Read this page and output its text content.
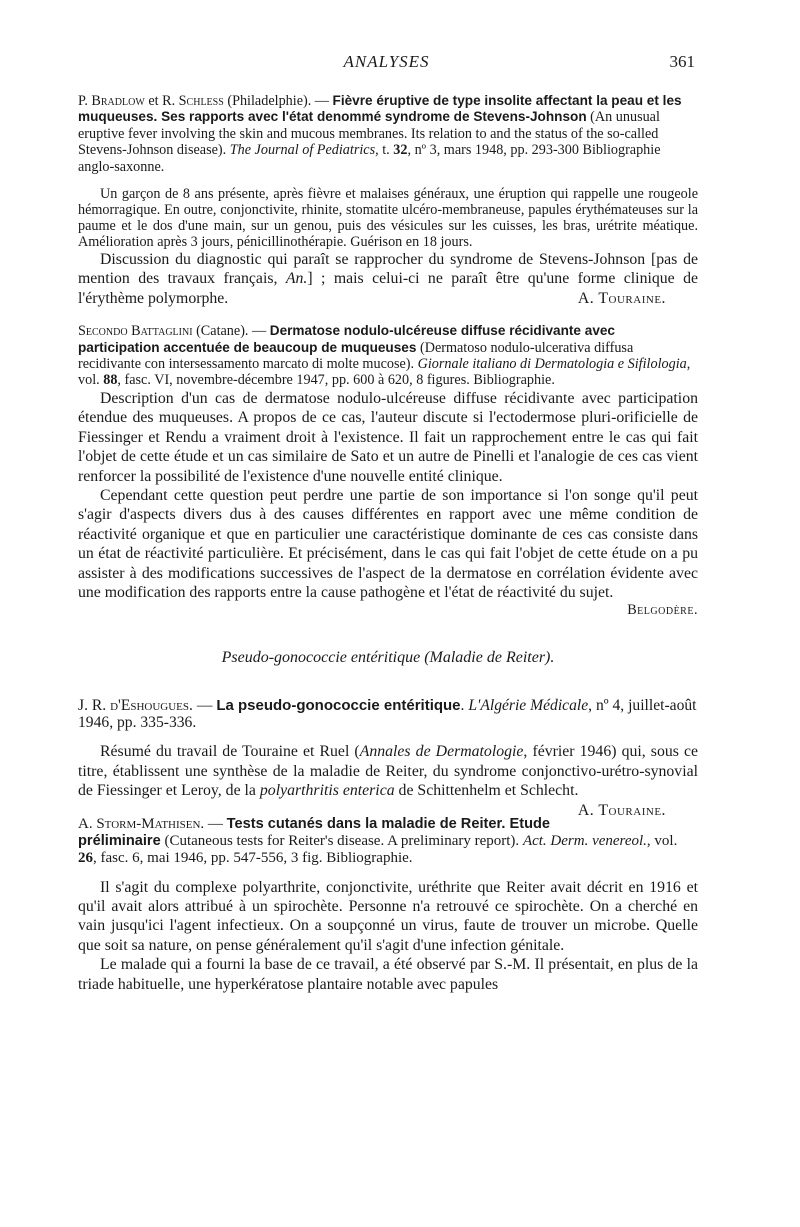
ANALYSES	361

P. Bradlow et R. Schless (Philadelphie). — Fièvre éruptive de type insolite affectant la peau et les muqueuses. Ses rapports avec l'état denommé syndrome de Stevens-Johnson (An unusual eruptive fever involving the skin and mucous membranes. Its relation to and the status of the so-called Stevens-Johnson disease). The Journal of Pediatrics, t. 32, nº 3, mars 1948, pp. 293-300 Bibliographie anglo-saxonne.

Un garçon de 8 ans présente, après fièvre et malaises généraux, une éruption qui rappelle une rougeole hémorragique. En outre, conjonctivite, rhinite, stomatite ulcéro-membraneuse, papules érythémateuses sur la paume et le dos d'une main, sur un genou, puis des vésicules sur les cuisses, les bras, urétrite méatique. Amélioration après 3 jours, pénicillinothérapie. Guérison en 18 jours.

Discussion du diagnostic qui paraît se rapprocher du syndrome de Stevens-Johnson [pas de mention des travaux français, An.] ; mais celui-ci ne paraît être qu'une forme clinique de l'érythème polymorphe.	A. Touraine.

Secondo Battaglini (Catane). — Dermatose nodulo-ulcéreuse diffuse récidivante avec participation accentuée de beaucoup de muqueuses (Dermatoso nodulo-ulcerativa diffusa recidivante con intersessamento marcato di molte mucose). Giornale italiano di Dermatologia e Sifilologia, vol. 88, fasc. VI, novembre-décembre 1947, pp. 600 à 620, 8 figures. Bibliographie.

Description d'un cas de dermatose nodulo-ulcéreuse diffuse récidivante avec participation étendue des muqueuses. A propos de ce cas, l'auteur discute si l'ectodermose pluri-orificielle de Fiessinger et Rendu a vraiment droit à l'existence. Il fait un rapprochement entre le cas qui fait l'objet de cette étude et un cas similaire de Sato et un autre de Pinelli et l'analogie de ces cas vient renforcer la possibilité de l'existence d'une nouvelle entité clinique.

Cependant cette question peut perdre une partie de son importance si l'on songe qu'il peut s'agir d'aspects divers dus à des causes différentes en rapport avec une même condition de réactivité organique et que en particulier une caractéristique dominante de ces cas consiste dans un état de réactivité particulière. Et précisément, dans le cas qui fait l'objet de cette étude on a pu assister à des modifications successives de l'aspect de la dermatose en corrélation évidente avec une modification des rapports entre la cause pathogène et l'état de réactivité du sujet.

Belgodère.

Pseudo-gonococcie entéritique (Maladie de Reiter).

J. R. d'Eshougues. — La pseudo-gonococcie entéritique. L'Algérie Médicale, nº 4, juillet-août 1946, pp. 335-336.

Résumé du travail de Touraine et Ruel (Annales de Dermatologie, février 1946) qui, sous ce titre, établissent une synthèse de la maladie de Reiter, du syndrome conjonctivo-urétro-synovial de Fiessinger et Leroy, de la polyarthritis enterica de Schittenhelm et Schlecht.
A. Touraine.

A. Storm-Mathisen. — Tests cutanés dans la maladie de Reiter. Etude préliminaire (Cutaneous tests for Reiter's disease. A preliminary report). Act. Derm. venereol., vol. 26, fasc. 6, mai 1946, pp. 547-556, 3 fig. Bibliographie.

Il s'agit du complexe polyarthrite, conjonctivite, uréthrite que Reiter avait décrit en 1916 et qu'il avait alors attribué à un spirochète. Personne n'a retrouvé ce spirochète. On a cherché en vain jusqu'ici l'agent infectieux. On a soupçonné un virus, faute de trouver un microbe. Quelle que soit sa nature, on pense généralement qu'il s'agit d'une infection génitale.

Le malade qui a fourni la base de ce travail, a été observé par S.-M. Il présentait, en plus de la triade habituelle, une hyperkératose plantaire notable avec papules
